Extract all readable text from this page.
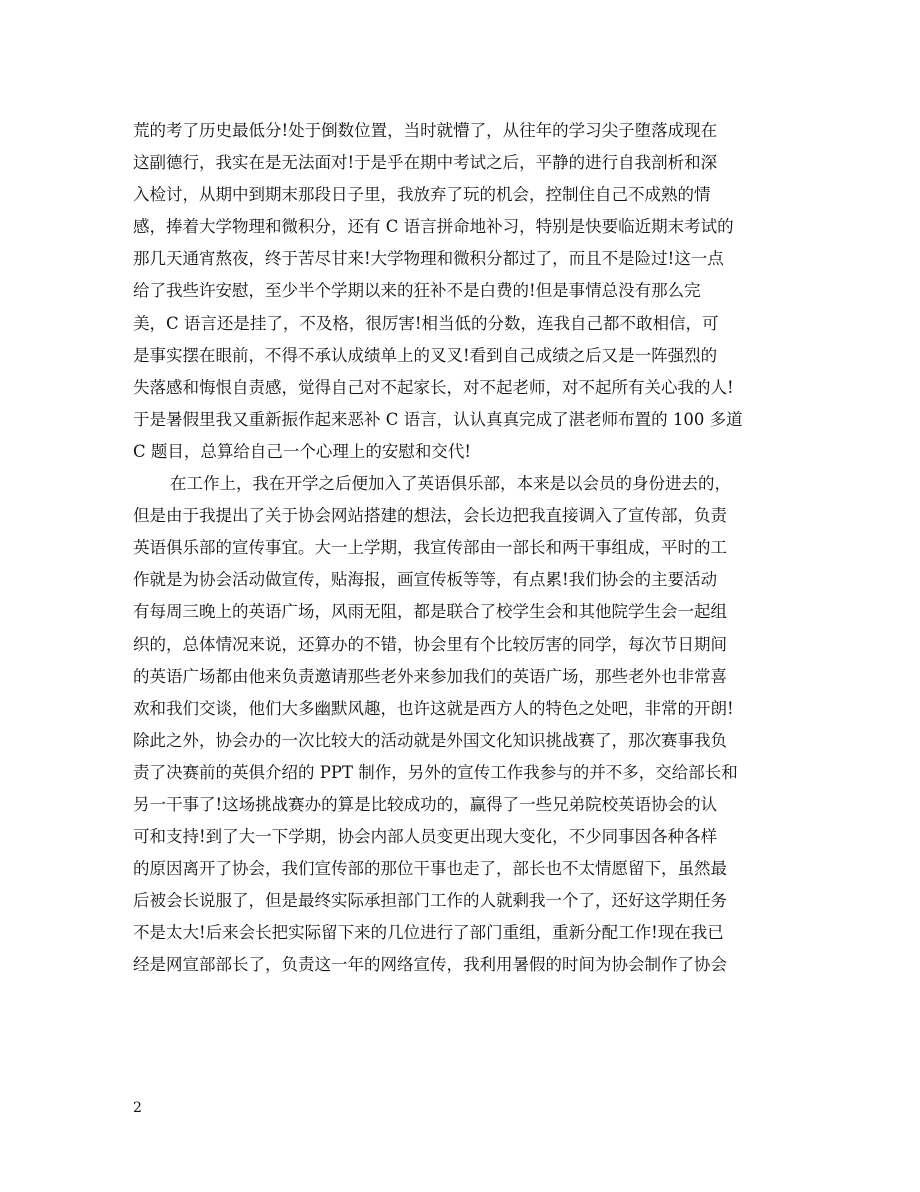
荒的考了历史最低分!处于倒数位置，当时就懵了，从往年的学习尖子堕落成现在
这副德行，我实在是无法面对!于是乎在期中考试之后，平静的进行自我剖析和深
入检讨，从期中到期末那段日子里，我放弃了玩的机会，控制住自己不成熟的情
感，捧着大学物理和微积分，还有 C 语言拼命地补习，特别是快要临近期末考试的
那几天通宵熬夜，终于苦尽甘来!大学物理和微积分都过了，而且不是险过!这一点
给了我些许安慰，至少半个学期以来的狂补不是白费的!但是事情总没有那么完
美，C 语言还是挂了，不及格，很厉害!相当低的分数，连我自己都不敢相信，可
是事实摆在眼前，不得不承认成绩单上的叉叉!看到自己成绩之后又是一阵强烈的
失落感和悔恨自责感，觉得自己对不起家长，对不起老师，对不起所有关心我的人!
于是暑假里我又重新振作起来恶补 C 语言，认认真真完成了湛老师布置的 100 多道
C 题目，总算给自己一个心理上的安慰和交代!
在工作上，我在开学之后便加入了英语俱乐部，本来是以会员的身份进去的，
但是由于我提出了关于协会网站搭建的想法，会长边把我直接调入了宣传部，负责
英语俱乐部的宣传事宜。大一上学期，我宣传部由一部长和两干事组成，平时的工
作就是为协会活动做宣传，贴海报，画宣传板等等，有点累!我们协会的主要活动
有每周三晚上的英语广场，风雨无阻，都是联合了校学生会和其他院学生会一起组
织的，总体情况来说，还算办的不错，协会里有个比较厉害的同学，每次节日期间
的英语广场都由他来负责邀请那些老外来参加我们的英语广场，那些老外也非常喜
欢和我们交谈，他们大多幽默风趣，也许这就是西方人的特色之处吧，非常的开朗!
除此之外，协会办的一次比较大的活动就是外国文化知识挑战赛了，那次赛事我负
责了决赛前的英俱介绍的 PPT 制作，另外的宣传工作我参与的并不多，交给部长和
另一干事了!这场挑战赛办的算是比较成功的，赢得了一些兄弟院校英语协会的认
可和支持!到了大一下学期，协会内部人员变更出现大变化，不少同事因各种各样
的原因离开了协会，我们宣传部的那位干事也走了，部长也不太情愿留下，虽然最
后被会长说服了，但是最终实际承担部门工作的人就剩我一个了，还好这学期任务
不是太大!后来会长把实际留下来的几位进行了部门重组，重新分配工作!现在我已
经是网宣部部长了，负责这一年的网络宣传，我利用暑假的时间为协会制作了协会
2
